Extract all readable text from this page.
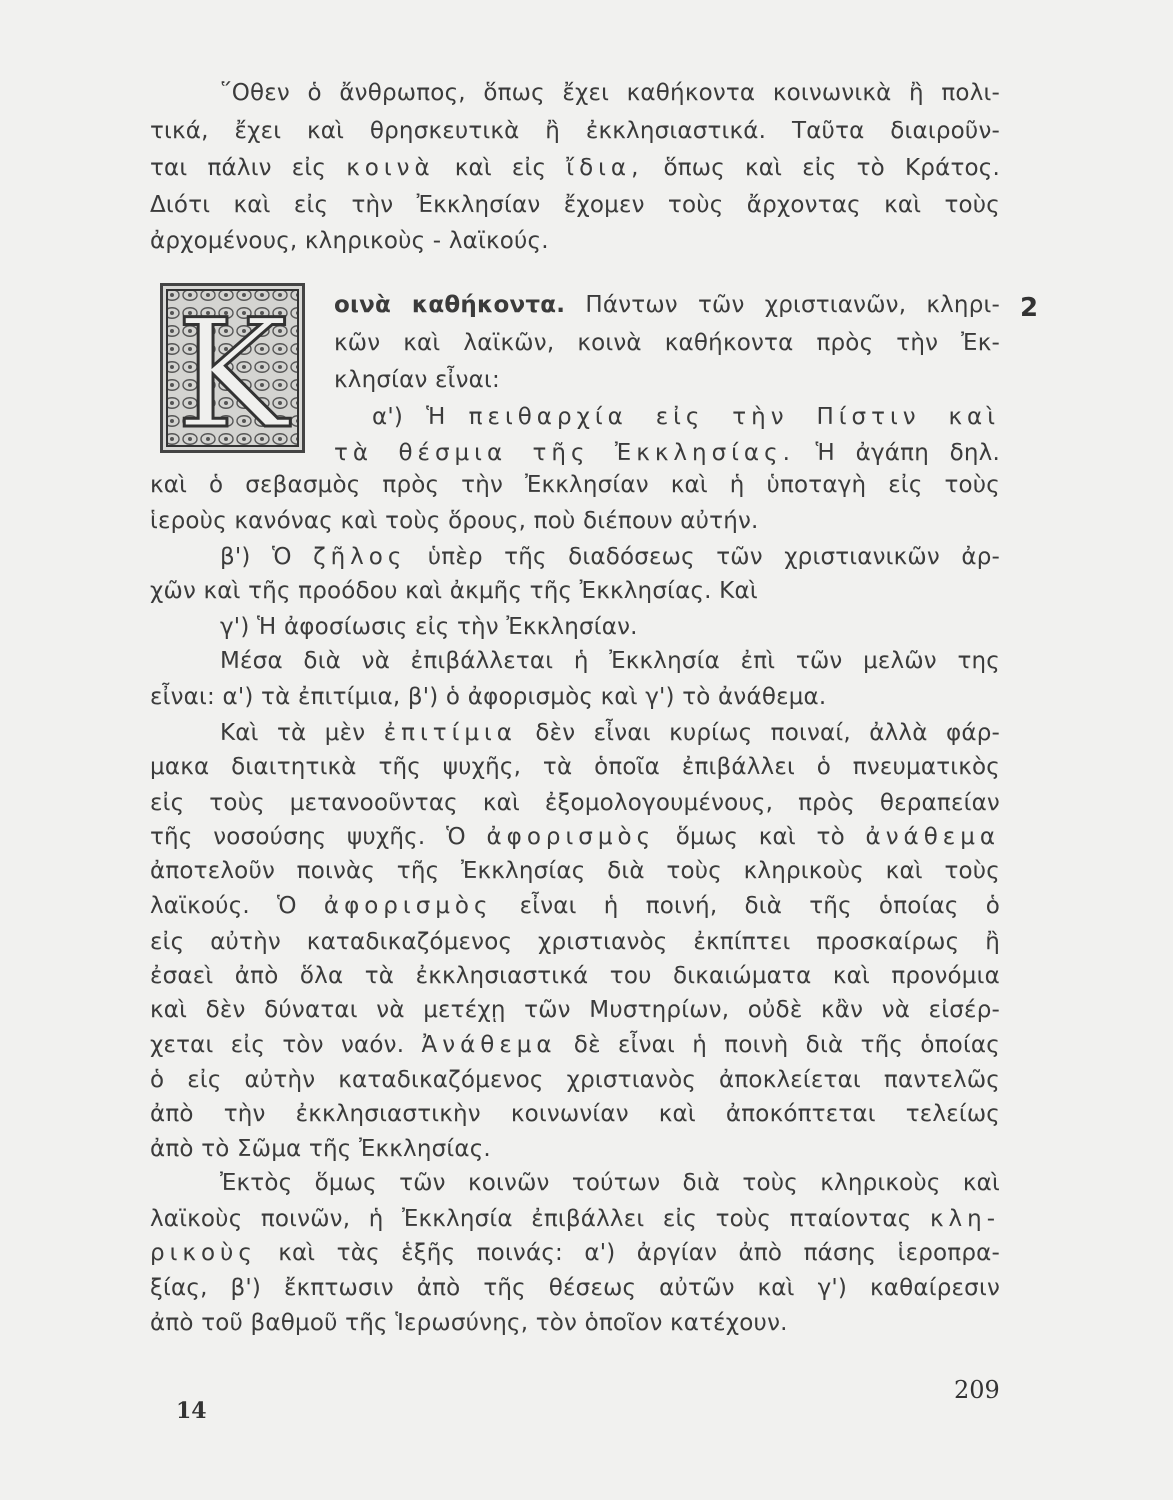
῞Οθεν ὁ ἄνθρωπος, ὅπως ἔχει καθήκοντα κοινωνικὰ ἢ πολι-
τικά, ἔχει καὶ θρησκευτικὰ ἢ ἐκκλησιαστικά. Ταῦτα διαιροῦν-
ται πάλιν εἰς κοινὰ καὶ εἰς ἴδια, ὅπως καὶ εἰς τὸ Κράτος.
Διότι καὶ εἰς τὴν Ἐκκλησίαν ἔχομεν τοὺς ἄρχοντας καὶ τοὺς
ἀρχομένους, κληρικοὺς - λαϊκούς.
K οινὰ καθήκοντα. Πάντων τῶν χριστιανῶν, κληρι- 2
κῶν καὶ λαϊκῶν, κοινὰ καθήκοντα πρὸς τὴν Ἐκ-
κλησίαν εἶναι:
α') Ἡ πειθαρχία εἰς τὴν Πίστιν καὶ
τὰ θέσμια τῆς Ἐκκλησίας. Ἡ ἀγάπη δηλ.
καὶ ὁ σεβασμὸς πρὸς τὴν Ἐκκλησίαν καὶ ἡ ὑποταγὴ εἰς τοὺς
ἱεροὺς κανόνας καὶ τοὺς ὅρους, ποὺ διέπουν αὐτήν.
β') Ὁ ζῆλος ὑπὲρ τῆς διαδόσεως τῶν χριστιανικῶν ἀρ-
χῶν καὶ τῆς προόδου καὶ ἀκμῆς τῆς Ἐκκλησίας. Καὶ
γ') Ἡ ἀφοσίωσις εἰς τὴν Ἐκκλησίαν.
Μέσα διὰ νὰ ἐπιβάλλεται ἡ Ἐκκλησία ἐπὶ τῶν μελῶν της
εἶναι: α') τὰ ἐπιτίμια, β') ὁ ἀφορισμὸς καὶ γ') τὸ ἀνάθεμα.
Καὶ τὰ μὲν ἐπιτίμια δὲν εἶναι κυρίως ποιναί, ἀλλὰ φάρ-
μακα διαιτητικὰ τῆς ψυχῆς, τὰ ὁποῖα ἐπιβάλλει ὁ πνευματικὸς
εἰς τοὺς μετανοοῦντας καὶ ἐξομολογουμένους, πρὸς θεραπείαν
τῆς νοσούσης ψυχῆς. Ὁ ἀφορισμὸς ὅμως καὶ τὸ ἀνάθεμα
ἀποτελοῦν ποινὰς τῆς Ἐκκλησίας διὰ τοὺς κληρικοὺς καὶ τοὺς
λαϊκούς. Ὁ ἀφορισμὸς εἶναι ἡ ποινή, διὰ τῆς ὁποίας ὁ
εἰς αὐτὴν καταδικαζόμενος χριστιανὸς ἐκπίπτει προσκαίρως ἢ
ἐσαεὶ ἀπὸ ὅλα τὰ ἐκκλησιαστικά του δικαιώματα καὶ προνόμια
καὶ δὲν δύναται νὰ μετέχῃ τῶν Μυστηρίων, οὐδὲ κἂν νὰ εἰσέρ-
χεται εἰς τὸν ναόν. Ἀνάθεμα δὲ εἶναι ἡ ποινὴ διὰ τῆς ὁποίας
ὁ εἰς αὐτὴν καταδικαζόμενος χριστιανὸς ἀποκλείεται παντελῶς
ἀπὸ τὴν ἐκκλησιαστικὴν κοινωνίαν καὶ ἀποκόπτεται τελείως
ἀπὸ τὸ Σῶμα τῆς Ἐκκλησίας.
Ἐκτὸς ὅμως τῶν κοινῶν τούτων διὰ τοὺς κληρικοὺς καὶ
λαϊκοὺς ποινῶν, ἡ Ἐκκλησία ἐπιβάλλει εἰς τοὺς πταίοντας κλη-
ρικοὺς καὶ τὰς ἑξῆς ποινάς: α') ἀργίαν ἀπὸ πάσης ἱεροπρα-
ξίας, β') ἔκπτωσιν ἀπὸ τῆς θέσεως αὐτῶν καὶ γ') καθαίρεσιν
ἀπὸ τοῦ βαθμοῦ τῆς Ἱερωσύνης, τὸν ὁποῖον κατέχουν.
14
209
